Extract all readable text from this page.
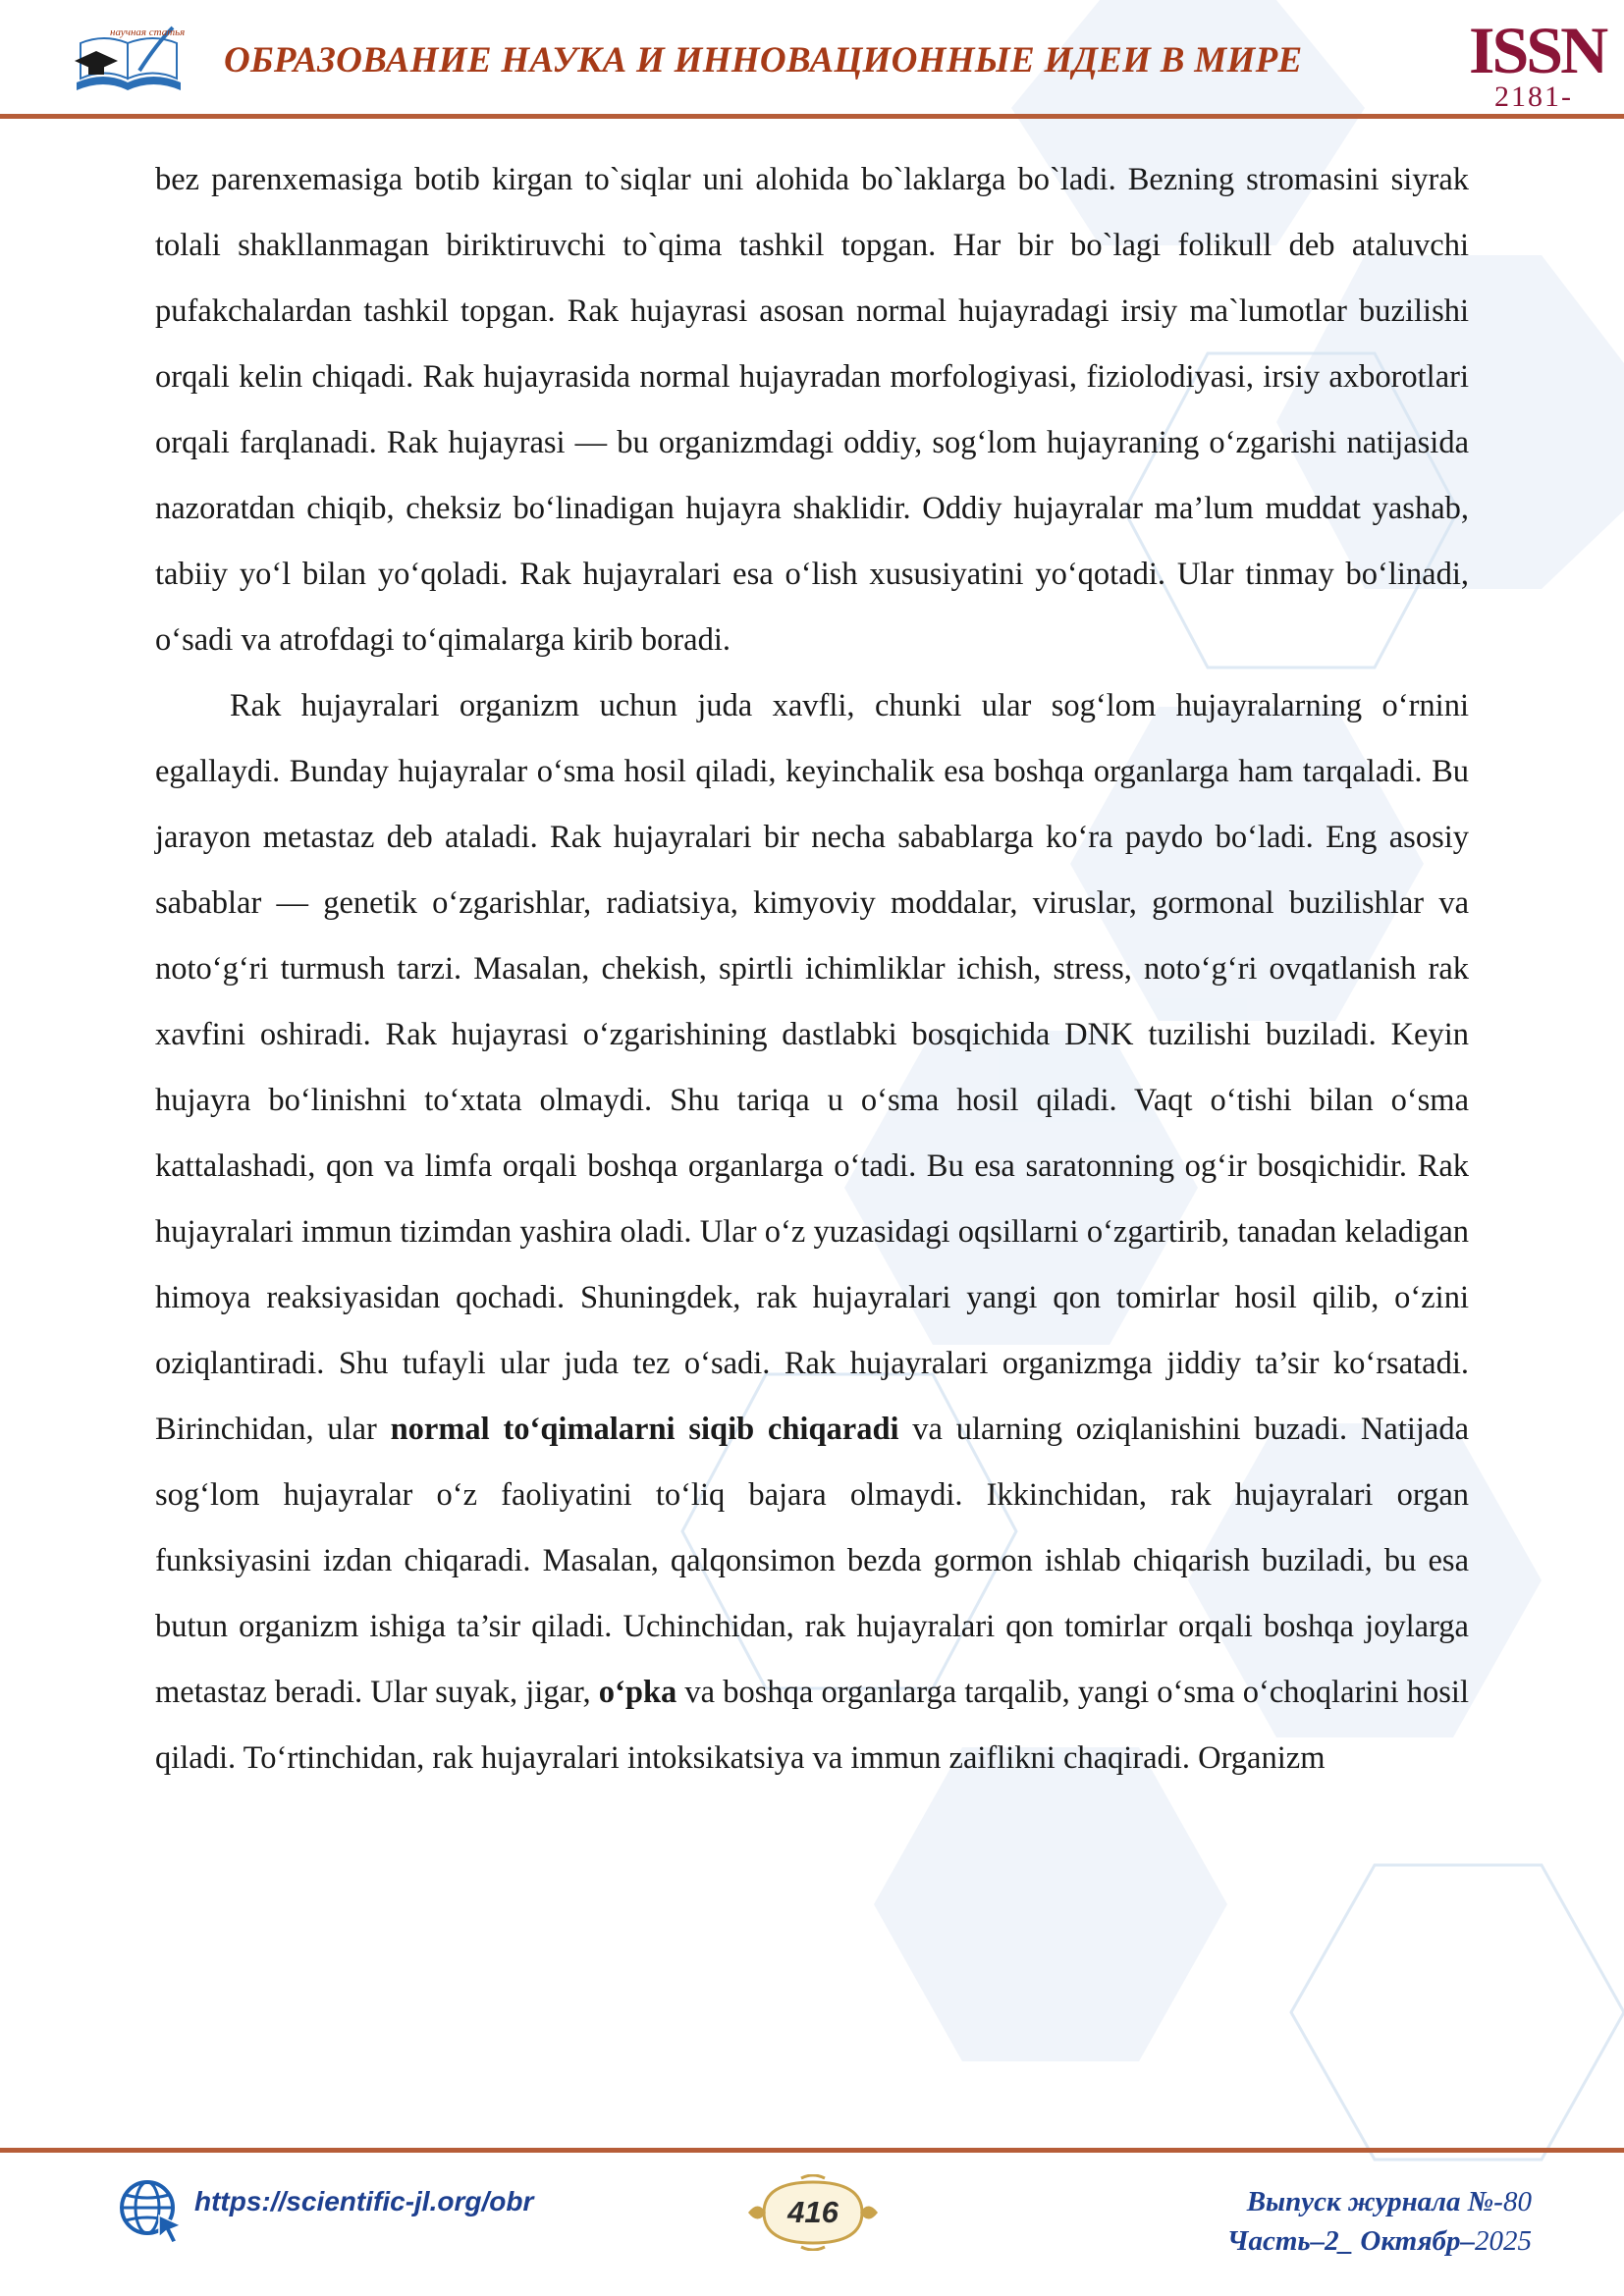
научная статья
ОБРАЗОВАНИЕ НАУКА И ИННОВАЦИОННЫЕ ИДЕИ В МИРЕ ISSN
2181-

bez parenxemasiga botib kirgan to`siqlar uni alohida bo`laklarga bo`ladi. Bezning stromasini siyrak tolali shakllanmagan biriktiruvchi to`qima tashkil topgan. Har bir bo`lagi folikull deb ataluvchi pufakchalardan tashkil topgan. Rak hujayrasi asosan normal hujayradagi irsiy ma`lumotlar buzilishi orqali kelin chiqadi. Rak hujayrasida normal hujayradan morfologiyasi, fiziolodiyasi, irsiy axborotlari orqali farqlanadi. Rak hujayrasi — bu organizmdagi oddiy, sog‘lom hujayraning o‘zgarishi natijasida nazoratdan chiqib, cheksiz bo‘linadigan hujayra shaklidir. Oddiy hujayralar ma’lum muddat yashab, tabiiy yo‘l bilan yo‘qoladi. Rak hujayralari esa o‘lish xususiyatini yo‘qotadi. Ular tinmay bo‘linadi, o‘sadi va atrofdagi to‘qimalarga kirib boradi.

Rak hujayralari organizm uchun juda xavfli, chunki ular sog‘lom hujayralarning o‘rnini egallaydi. Bunday hujayralar o‘sma hosil qiladi, keyinchalik esa boshqa organlarga ham tarqaladi. Bu jarayon metastaz deb ataladi. Rak hujayralari bir necha sabablarga ko‘ra paydo bo‘ladi. Eng asosiy sabablar — genetik o‘zgarishlar, radiatsiya, kimyoviy moddalar, viruslar, gormonal buzilishlar va noto‘g‘ri turmush tarzi. Masalan, chekish, spirtli ichimliklar ichish, stress, noto‘g‘ri ovqatlanish rak xavfini oshiradi. Rak hujayrasi o‘zgarishining dastlabki bosqichida DNK tuzilishi buziladi. Keyin hujayra bo‘linishni to‘xtata olmaydi. Shu tariqa u o‘sma hosil qiladi. Vaqt o‘tishi bilan o‘sma kattalashadi, qon va limfa orqali boshqa organlarga o‘tadi. Bu esa saratonning og‘ir bosqichidir. Rak hujayralari immun tizimdan yashira oladi. Ular o‘z yuzasidagi oqsillarni o‘zgartirib, tanadan keladigan himoya reaksiyasidan qochadi. Shuningdek, rak hujayralari yangi qon tomirlar hosil qilib, o‘zini oziqlantiradi. Shu tufayli ular juda tez o‘sadi. Rak hujayralari organizmga jiddiy ta’sir ko‘rsatadi. Birinchidan, ular normal to‘qimalarni siqib chiqaradi va ularning oziqlanishini buzadi. Natijada sog‘lom hujayralar o‘z faoliyatini to‘liq bajara olmaydi. Ikkinchidan, rak hujayralari organ funksiyasini izdan chiqaradi. Masalan, qalqonsimon bezda gormon ishlab chiqarish buziladi, bu esa butun organizm ishiga ta’sir qiladi. Uchinchidan, rak hujayralari qon tomirlar orqali boshqa joylarga metastaz beradi. Ular suyak, jigar, o‘pka va boshqa organlarga tarqalib, yangi o‘sma o‘choqlarini hosil qiladi. To‘rtinchidan, rak hujayralari intoksikatsiya va immun zaiflikni chaqiradi. Organizm

https://scientific-jl.org/obr	416	Выпуск журнала №-80
Часть–2_ Октябр–2025
